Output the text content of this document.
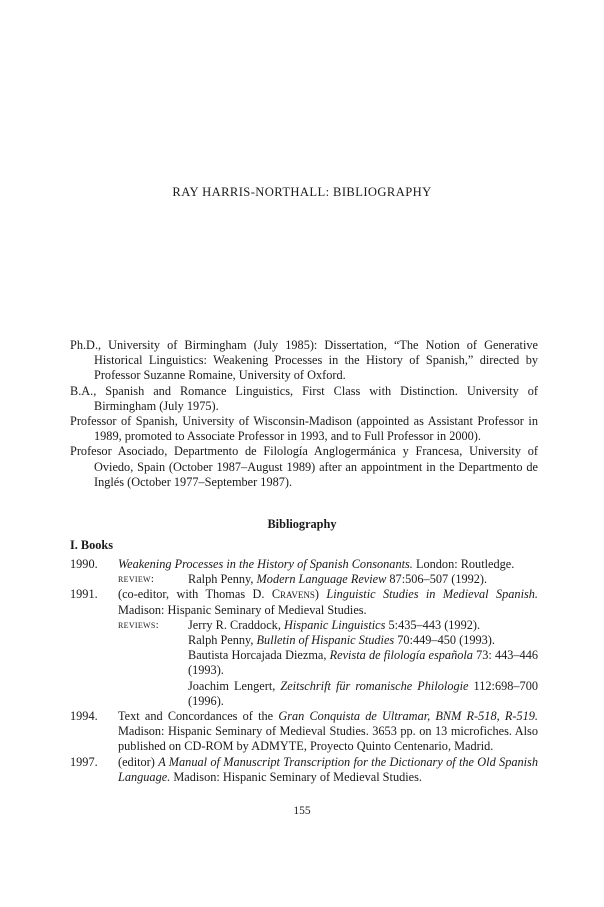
RAY HARRIS-NORTHALL: BIBLIOGRAPHY

Ph.D., University of Birmingham (July 1985): Dissertation, “The Notion of Generative Historical Linguistics: Weakening Processes in the History of Spanish,” directed by Professor Suzanne Romaine, University of Oxford.

B.A., Spanish and Romance Linguistics, First Class with Distinction. University of Birmingham (July 1975).

Professor of Spanish, University of Wisconsin-Madison (appointed as Assistant Professor in 1989, promoted to Associate Professor in 1993, and to Full Professor in 2000).

Profesor Asociado, Departmento de Filología Anglogermánica y Francesa, University of Oviedo, Spain (October 1987–August 1989) after an appointment in the Departmento de Inglés (October 1977–September 1987).

Bibliography
I. Books
1990.	Weakening Processes in the History of Spanish Consonants. London: Routledge.
review:	Ralph Penny, Modern Language Review 87:506–507 (1992).
1991.	(co-editor, with Thomas D. Cravens) Linguistic Studies in Medieval Spanish. Madison: Hispanic Seminary of Medieval Studies.
reviews:	Jerry R. Craddock, Hispanic Linguistics 5:435–443 (1992).
Ralph Penny, Bulletin of Hispanic Studies 70:449–450 (1993).
Bautista Horcajada Diezma, Revista de filología española 73: 443–446 (1993).
Joachim Lengert, Zeitschrift für romanische Philologie 112:698–700 (1996).
1994.	Text and Concordances of the Gran Conquista de Ultramar, BNM R-518, R-519. Madison: Hispanic Seminary of Medieval Studies. 3653 pp. on 13 microfiches. Also published on CD-ROM by ADMYTE, Proyecto Quinto Centenario, Madrid.
1997.	(editor) A Manual of Manuscript Transcription for the Dictionary of the Old Spanish Language. Madison: Hispanic Seminary of Medieval Studies.
155
